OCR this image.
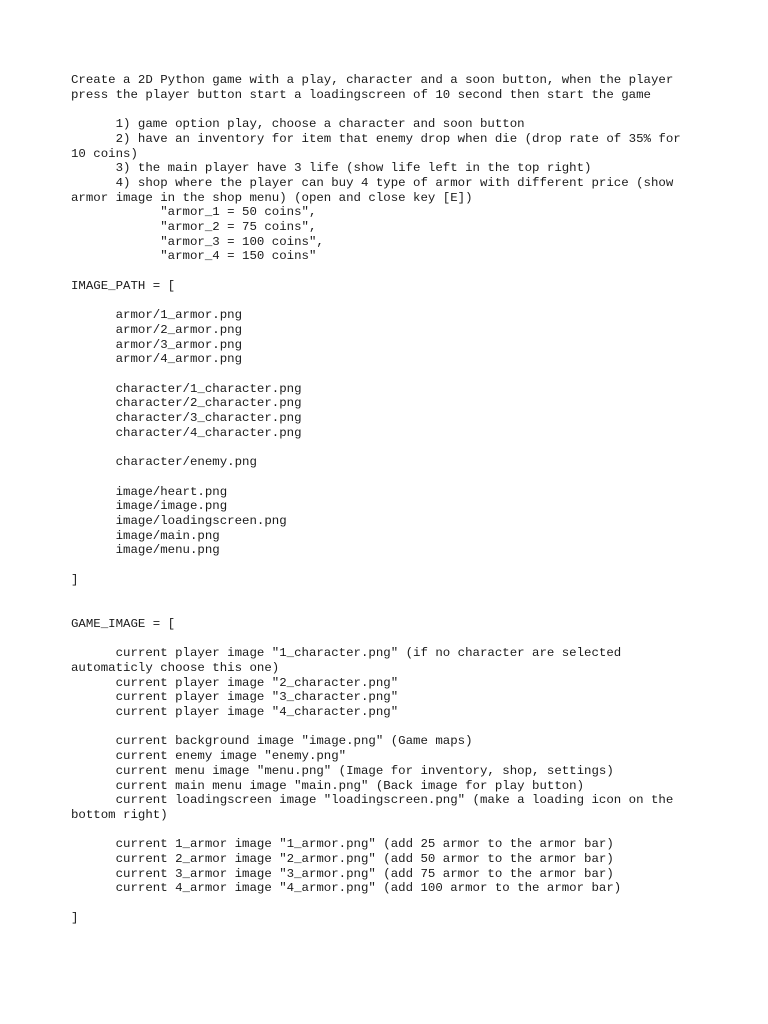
Create a 2D Python game with a play, character and a soon button, when the player
press the player button start a loadingscreen of 10 second then start the game
1) game option play, choose a character and soon button
2) have an inventory for item that enemy drop when die (drop rate of 35% for
10 coins)
3) the main player have 3 life (show life left in the top right)
4) shop where the player can buy 4 type of armor with different price (show
armor image in the shop menu) (open and close key [E])
"armor_1 = 50 coins",
"armor_2 = 75 coins",
"armor_3 = 100 coins",
"armor_4 = 150 coins"
IMAGE_PATH = [
armor/1_armor.png
armor/2_armor.png
armor/3_armor.png
armor/4_armor.png
character/1_character.png
character/2_character.png
character/3_character.png
character/4_character.png
character/enemy.png
image/heart.png
image/image.png
image/loadingscreen.png
image/main.png
image/menu.png
]
GAME_IMAGE = [
current player image "1_character.png" (if no character are selected
automaticly choose this one)
current player image "2_character.png"
current player image "3_character.png"
current player image "4_character.png"
current background image "image.png" (Game maps)
current enemy image "enemy.png"
current menu image "menu.png" (Image for inventory, shop, settings)
current main menu image "main.png" (Back image for play button)
current loadingscreen image "loadingscreen.png" (make a loading icon on the
bottom right)
current 1_armor image "1_armor.png" (add 25 armor to the armor bar)
current 2_armor image "2_armor.png" (add 50 armor to the armor bar)
current 3_armor image "3_armor.png" (add 75 armor to the armor bar)
current 4_armor image "4_armor.png" (add 100 armor to the armor bar)
]
